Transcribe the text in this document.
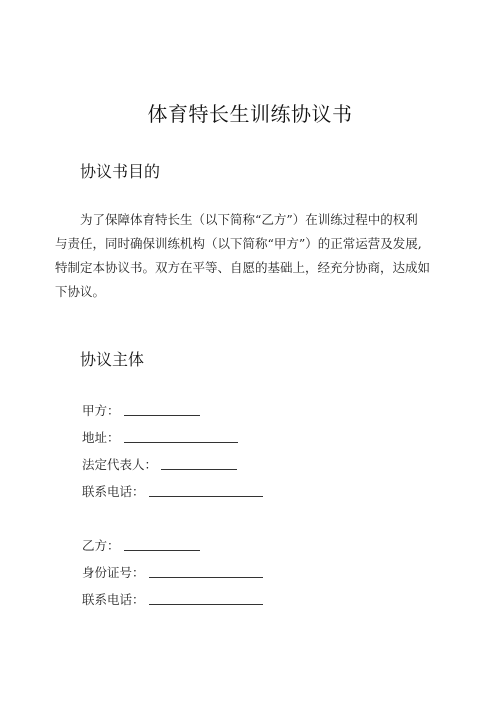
体育特长生训练协议书
协议书目的
为了保障体育特长生（以下简称“乙方”）在训练过程中的权利
与责任，同时确保训练机构（以下简称“甲方”）的正常运营及发展,
特制定本协议书。双方在平等、自愿的基础上，经充分协商，达成如
下协议。
协议主体
甲方：
地址：
法定代表人：
联系电话：
乙方：
身份证号：
联系电话：
